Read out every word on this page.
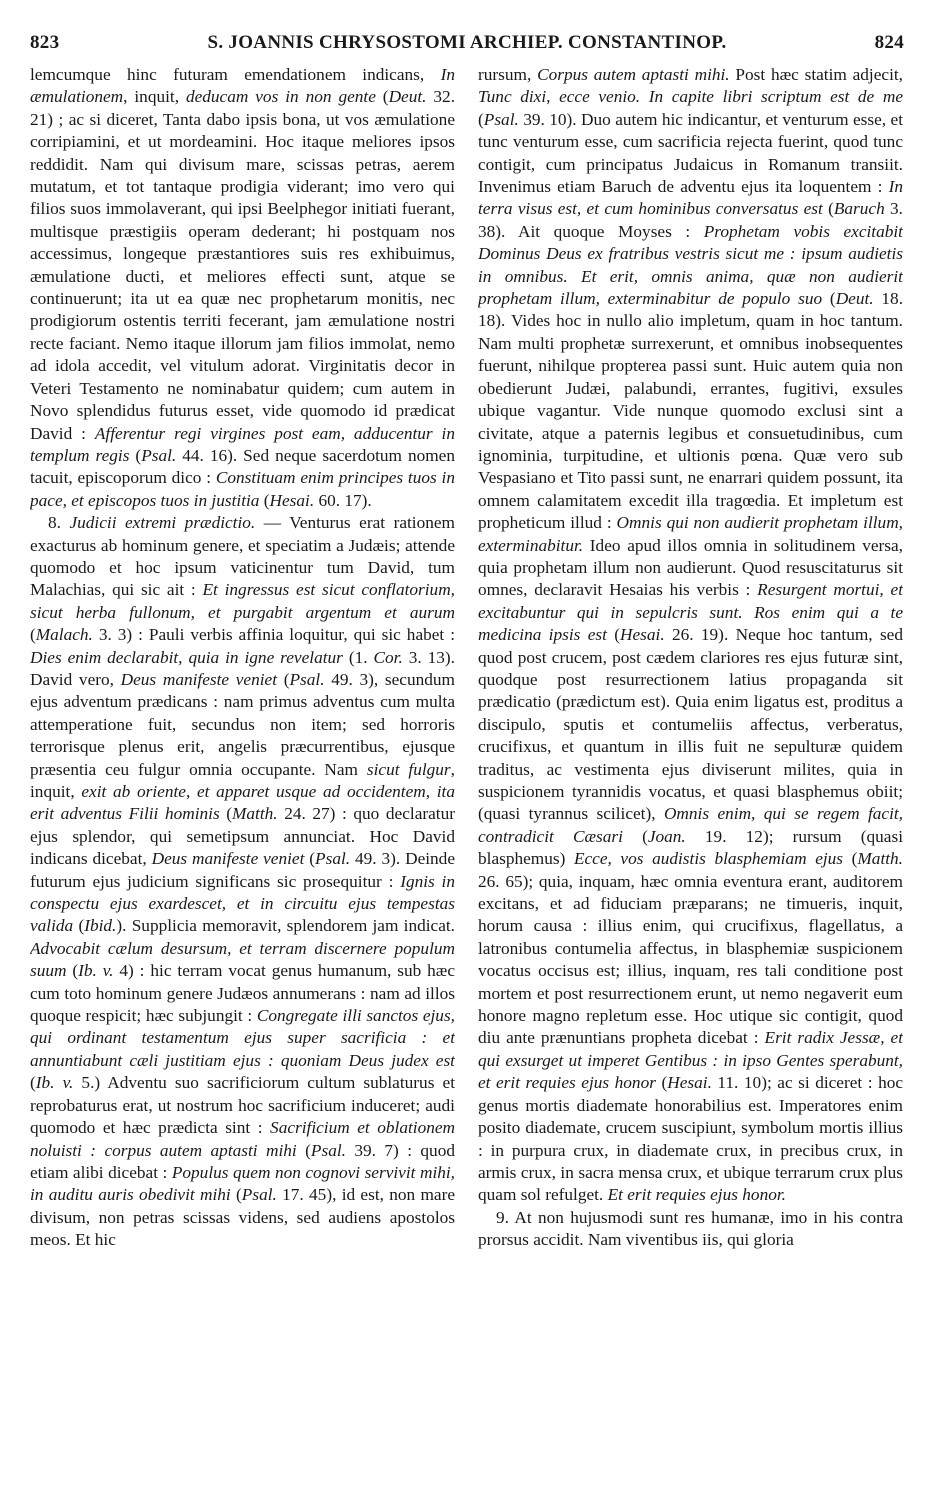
823	S. JOANNIS CHRYSOSTOMI ARCHIEP. CONSTANTINOP.	824

lemcumque hinc futuram emendationem indicans, In æmulationem, inquit, deducam vos in non gente (Deut. 32. 21) ; ac si diceret, Tanta dabo ipsis bona, ut vos æmulatione corripiamini, et ut mordeamini. Hoc itaque meliores ipsos reddidit. Nam qui divisum mare, scissas petras, aerem mutatum, et tot tantaque prodigia viderant; imo vero qui filios suos immolaverant, qui ipsi Beelphegor initiati fuerant, multisque præstigiis operam dederant; hi postquam nos accessimus, longeque præstantiores suis res exhibuimus, æmulatione ducti, et meliores effecti sunt, atque se continuerunt; ita ut ea quæ nec prophetarum monitis, nec prodigiorum ostentis territi fecerant, jam æmulatione nostri recte faciant. Nemo itaque illorum jam filios immolat, nemo ad idola accedit, vel vitulum adorat. Virginitatis decor in Veteri Testamento ne nominabatur quidem; cum autem in Novo splendidus futurus esset, vide quomodo id prædicat David : Afferentur regi virgines post eam, adducentur in templum regis (Psal. 44. 16). Sed neque sacerdotum nomen tacuit, episcoporum dico : Constituam enim principes tuos in pace, et episcopos tuos in justitia (Hesai. 60. 17).

8. Judicii extremi prædictio. — Venturus erat rationem exacturus ab hominum genere, et speciatim a Judæis; attende quomodo et hoc ipsum vaticinentur tum David, tum Malachias, qui sic ait : Et ingressus est sicut conflatorium, sicut herba fullonum, et purgabit argentum et aurum (Malach. 3. 3) : Pauli verbis affinia loquitur, qui sic habet : Dies enim declarabit, quia in igne revelatur (1. Cor. 3. 13). David vero, Deus manifeste veniet (Psal. 49. 3), secundum ejus adventum prædicans : nam primus adventus cum multa attemperatione fuit, secundus non item; sed horroris terrorisque plenus erit, angelis præcurrentibus, ejusque præsentia ceu fulgur omnia occupante. Nam sicut fulgur, inquit, exit ab oriente, et apparet usque ad occidentem, ita erit adventus Filii hominis (Matth. 24. 27) : quo declaratur ejus splendor, qui semetipsum annunciat. Hoc David indicans dicebat, Deus manifeste veniet (Psal. 49. 3). Deinde futurum ejus judicium significans sic prosequitur : Ignis in conspectu ejus exardescet, et in circuitu ejus tempestas valida (Ibid.). Supplicia memoravit, splendorem jam indicat. Advocabit cælum desursum, et terram discernere populum suum (Ib. v. 4) : hic terram vocat genus humanum, sub hæc cum toto hominum genere Judæos annumerans : nam ad illos quoque respicit; hæc subjungit : Congregate illi sanctos ejus, qui ordinant testamentum ejus super sacrificia : et annuntiabunt cæli justitiam ejus : quoniam Deus judex est (Ib. v. 5.) Adventu suo sacrificiorum cultum sublaturus et reprobaturus erat, ut nostrum hoc sacrificium induceret; audi quomodo et hæc prædicta sint : Sacrificium et oblationem noluisti : corpus autem aptasti mihi (Psal. 39. 7) : quod etiam alibi dicebat : Populus quem non cognovi servivit mihi, in auditu auris obedivit mihi (Psal. 17. 45), id est, non mare divisum, non petras scissas videns, sed audiens apostolos meos. Et hic

rursum, Corpus autem aptasti mihi. Post hæc statim adjecit, Tunc dixi, ecce venio. In capite libri scriptum est de me (Psal. 39. 10). Duo autem hic indicantur, et venturum esse, et tunc venturum esse, cum sacrificia rejecta fuerint, quod tunc contigit, cum principatus Judaicus in Romanum transiit. Invenimus etiam Baruch de adventu ejus ita loquentem : In terra visus est, et cum hominibus conversatus est (Baruch 3. 38). Ait quoque Moyses : Prophetam vobis excitabit Dominus Deus ex fratribus vestris sicut me : ipsum audietis in omnibus. Et erit, omnis anima, quæ non audierit prophetam illum, exterminabitur de populo suo (Deut. 18. 18). Vides hoc in nullo alio impletum, quam in hoc tantum. Nam multi prophetæ surrexerunt, et omnibus inobsequentes fuerunt, nihilque propterea passi sunt. Huic autem quia non obedierunt Judæi, palabundi, errantes, fugitivi, exsules ubique vagantur. Vide nunque quomodo exclusi sint a civitate, atque a paternis legibus et consuetudinibus, cum ignominia, turpitudine, et ultionis pœna. Quæ vero sub Vespasiano et Tito passi sunt, ne enarrari quidem possunt, ita omnem calamitatem excedit illa tragœdia. Et impletum est propheticum illud : Omnis qui non audierit prophetam illum, exterminabitur. Ideo apud illos omnia in solitudinem versa, quia prophetam illum non audierunt. Quod resuscitaturus sit omnes, declaravit Hesaias his verbis : Resurgent mortui, et excitabuntur qui in sepulcris sunt. Ros enim qui a te medicina ipsis est (Hesai. 26. 19). Neque hoc tantum, sed quod post crucem, post cædem clariores res ejus futuræ sint, quodque post resurrectionem latius propaganda sit prædicatio (prædictum est). Quia enim ligatus est, proditus a discipulo, sputis et contumeliis affectus, verberatus, crucifixus, et quantum in illis fuit ne sepulturæ quidem traditus, ac vestimenta ejus diviserunt milites, quia in suspicionem tyrannidis vocatus, et quasi blasphemus obiit; (quasi tyrannus scilicet), Omnis enim, qui se regem facit, contradicit Cæsari (Joan. 19. 12); rursum (quasi blasphemus) Ecce, vos audistis blasphemiam ejus (Matth. 26. 65); quia, inquam, hæc omnia eventura erant, auditorem excitans, et ad fiduciam præparans; ne timueris, inquit, horum causa : illius enim, qui crucifixus, flagellatus, a latronibus contumelia affectus, in blasphemiæ suspicionem vocatus occisus est; illius, inquam, res tali conditione post mortem et post resurrectionem erunt, ut nemo negaverit eum honore magno repletum esse. Hoc utique sic contigit, quod diu ante prænuntians propheta dicebat : Erit radix Jessæ, et qui exsurget ut imperet Gentibus : in ipso Gentes sperabunt, et erit requies ejus honor (Hesai. 11. 10); ac si diceret : hoc genus mortis diademate honorabilius est. Imperatores enim posito diademate, crucem suscipiunt, symbolum mortis illius : in purpura crux, in diademate crux, in precibus crux, in armis crux, in sacra mensa crux, et ubique terrarum crux plus quam sol refulget. Et erit requies ejus honor.

9. At non hujusmodi sunt res humanæ, imo in his contra prorsus accidit. Nam viventibus iis, qui gloria
